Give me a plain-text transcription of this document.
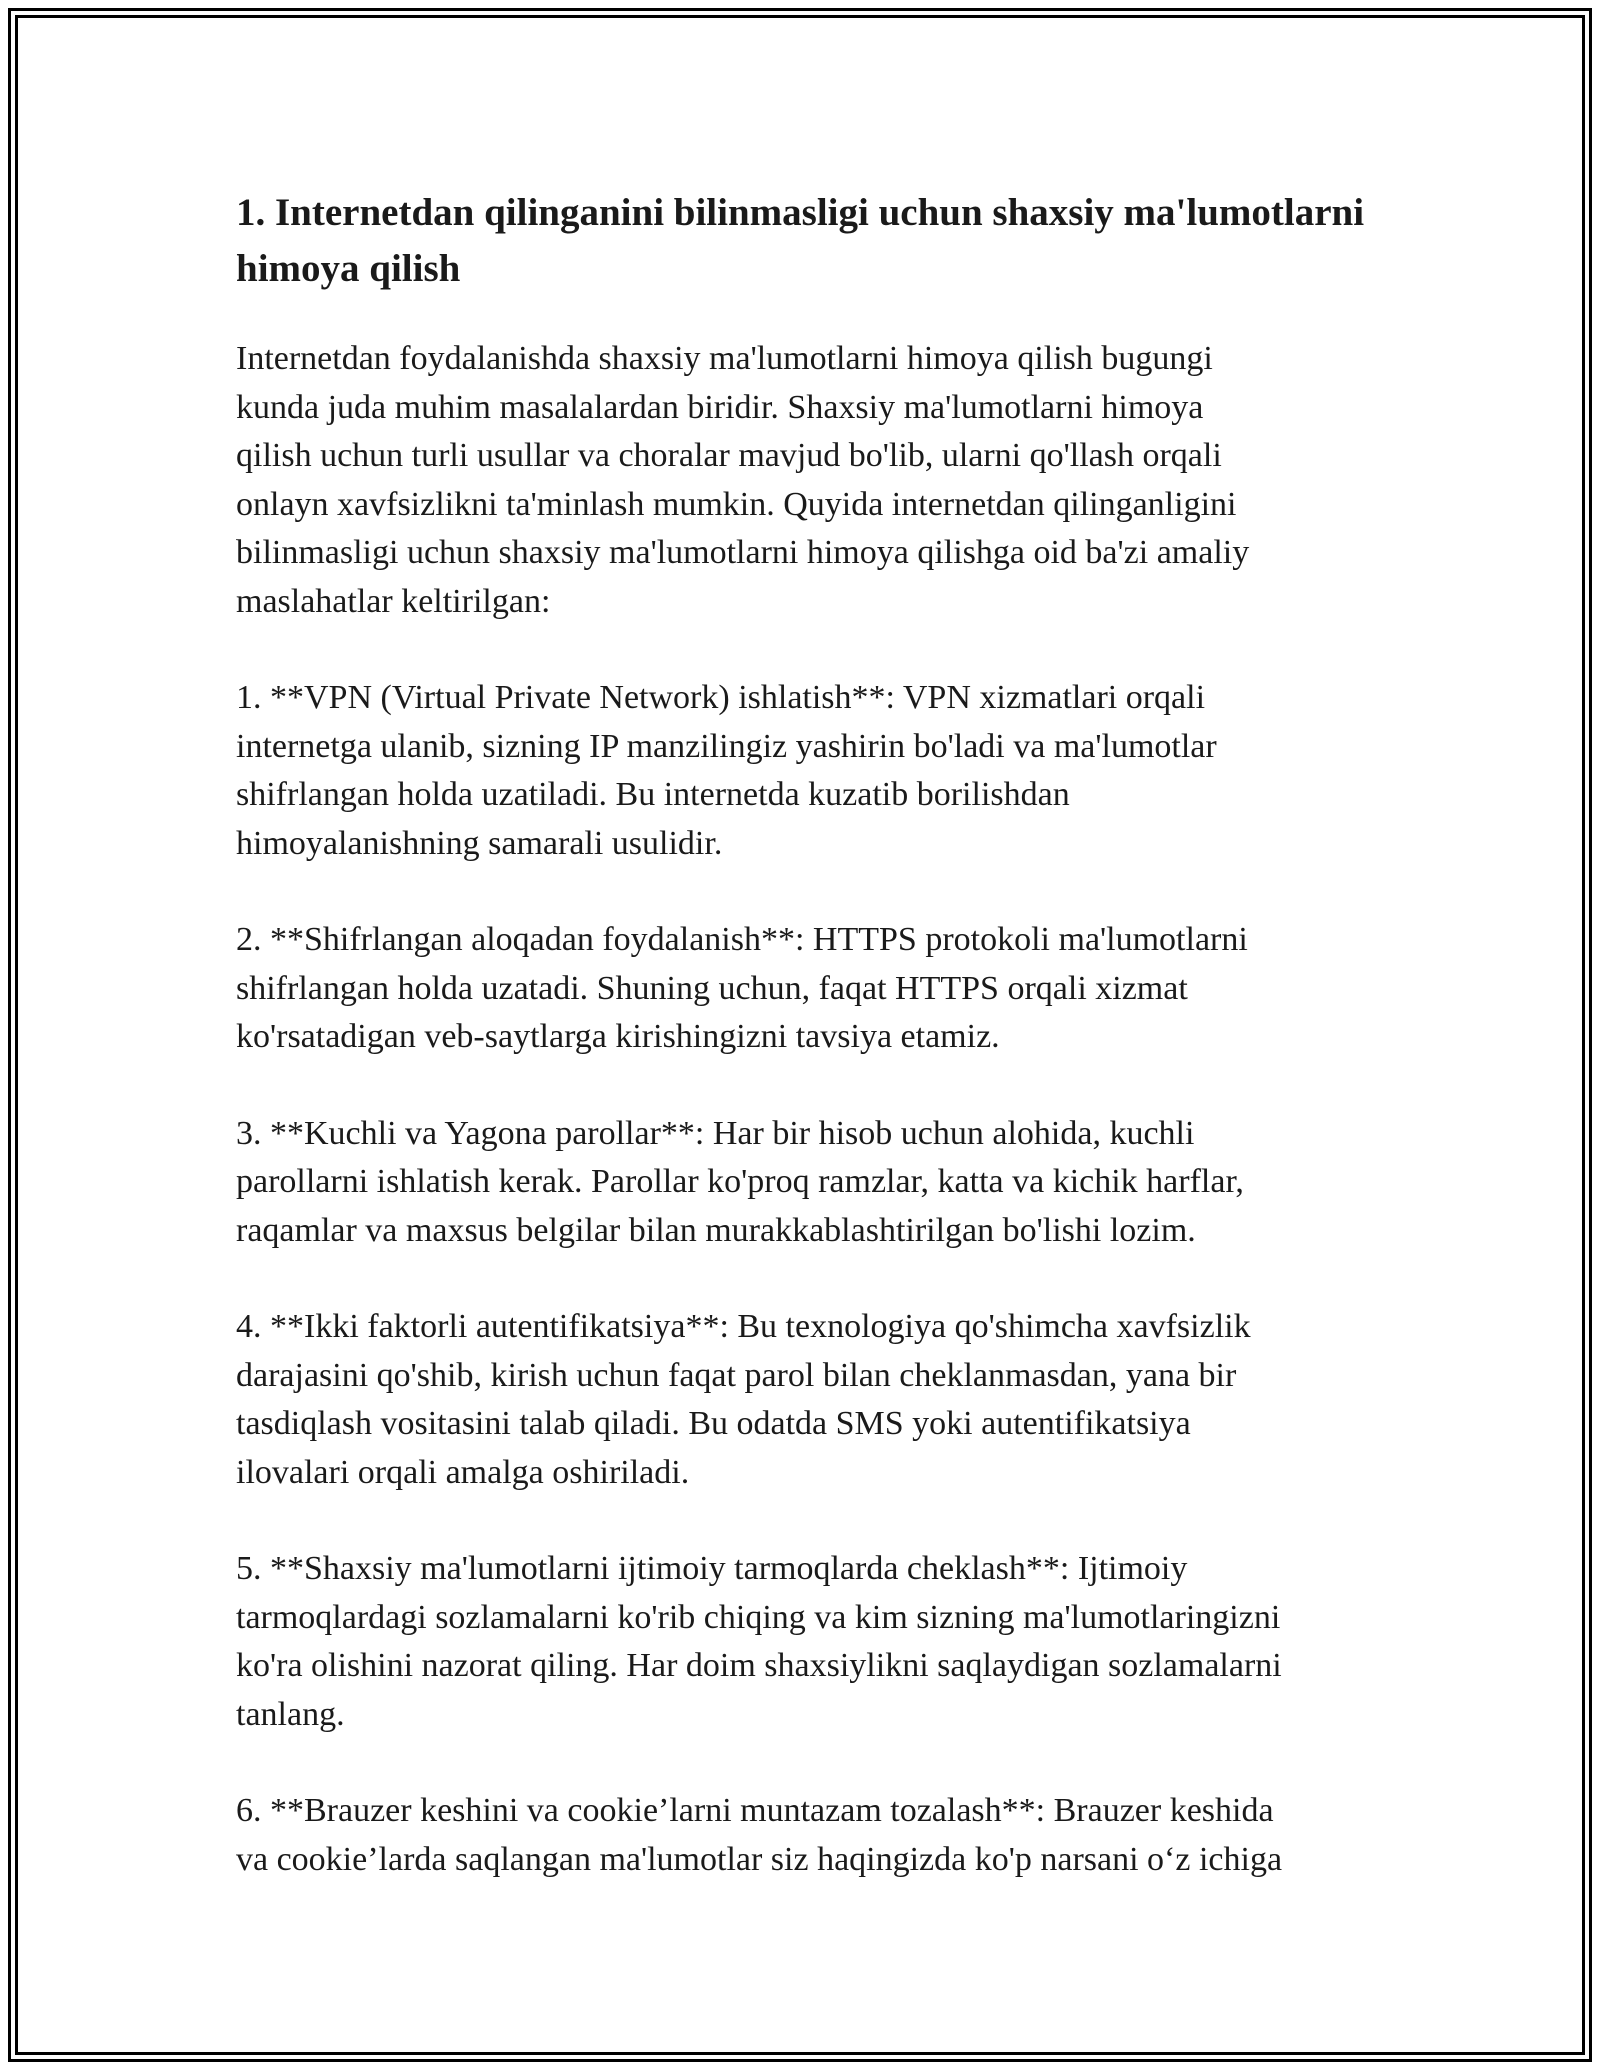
1. Internetdan qilinganini bilinmasligi uchun shaxsiy ma'lumotlarni himoya qilish

Internetdan foydalanishda shaxsiy ma'lumotlarni himoya qilish bugungi
kunda juda muhim masalalardan biridir. Shaxsiy ma'lumotlarni himoya
qilish uchun turli usullar va choralar mavjud bo'lib, ularni qo'llash orqali
onlayn xavfsizlikni ta'minlash mumkin. Quyida internetdan qilinganligini
bilinmasligi uchun shaxsiy ma'lumotlarni himoya qilishga oid ba'zi amaliy
maslahatlar keltirilgan:

1. **VPN (Virtual Private Network) ishlatish**: VPN xizmatlari orqali
internetga ulanib, sizning IP manzilingiz yashirin bo'ladi va ma'lumotlar
shifrlangan holda uzatiladi. Bu internetda kuzatib borilishdan
himoyalanishning samarali usulidir.

2. **Shifrlangan aloqadan foydalanish**: HTTPS protokoli ma'lumotlarni
shifrlangan holda uzatadi. Shuning uchun, faqat HTTPS orqali xizmat
ko'rsatadigan veb-saytlarga kirishingizni tavsiya etamiz.

3. **Kuchli va Yagona parollar**: Har bir hisob uchun alohida, kuchli
parollarni ishlatish kerak. Parollar ko'proq ramzlar, katta va kichik harflar,
raqamlar va maxsus belgilar bilan murakkablashtirilgan bo'lishi lozim.

4. **Ikki faktorli autentifikatsiya**: Bu texnologiya qo'shimcha xavfsizlik
darajasini qo'shib, kirish uchun faqat parol bilan cheklanmasdan, yana bir
tasdiqlash vositasini talab qiladi. Bu odatda SMS yoki autentifikatsiya
ilovalari orqali amalga oshiriladi.

5. **Shaxsiy ma'lumotlarni ijtimoiy tarmoqlarda cheklash**: Ijtimoiy
tarmoqlardagi sozlamalarni ko'rib chiqing va kim sizning ma'lumotlaringizni
ko'ra olishini nazorat qiling. Har doim shaxsiylikni saqlaydigan sozlamalarni
tanlang.

6. **Brauzer keshini va cookie’larni muntazam tozalash**: Brauzer keshida
va cookie’larda saqlangan ma'lumotlar siz haqingizda ko'p narsani o‘z ichiga
